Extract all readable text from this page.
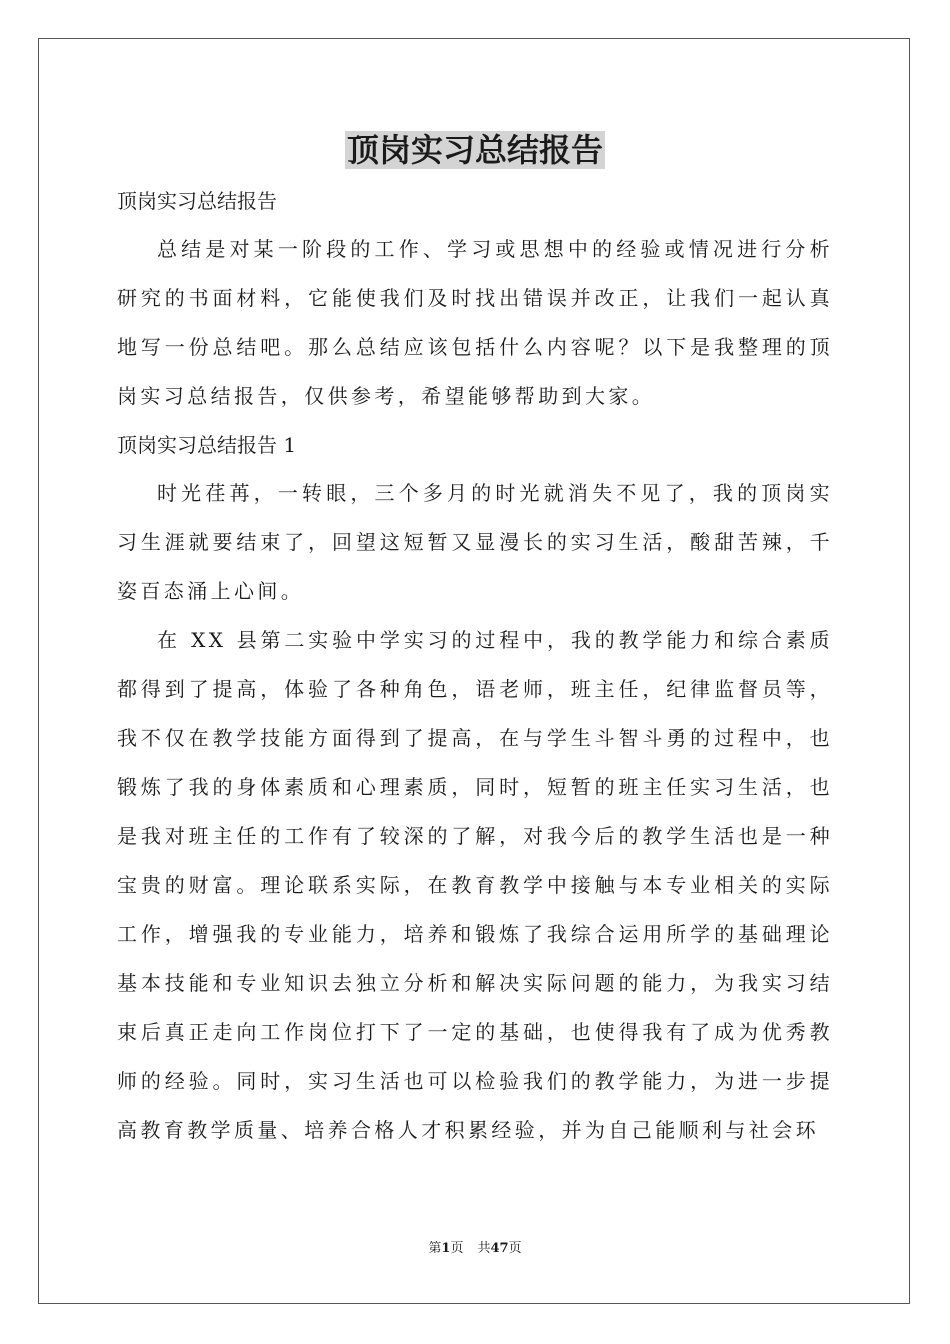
顶岗实习总结报告

顶岗实习总结报告

总结是对某一阶段的工作、学习或思想中的经验或情况进行分析研究的书面材料，它能使我们及时找出错误并改正，让我们一起认真地写一份总结吧。那么总结应该包括什么内容呢？以下是我整理的顶岗实习总结报告，仅供参考，希望能够帮助到大家。

顶岗实习总结报告 1

时光荏苒，一转眼，三个多月的时光就消失不见了，我的顶岗实习生涯就要结束了，回望这短暂又显漫长的实习生活，酸甜苦辣，千姿百态涌上心间。

在 XX 县第二实验中学实习的过程中，我的教学能力和综合素质都得到了提高，体验了各种角色，语老师，班主任，纪律监督员等，我不仅在教学技能方面得到了提高，在与学生斗智斗勇的过程中，也锻炼了我的身体素质和心理素质，同时，短暂的班主任实习生活，也是我对班主任的工作有了较深的了解，对我今后的教学生活也是一种宝贵的财富。理论联系实际，在教育教学中接触与本专业相关的实际工作，增强我的专业能力，培养和锻炼了我综合运用所学的基础理论基本技能和专业知识去独立分析和解决实际问题的能力，为我实习结束后真正走向工作岗位打下了一定的基础，也使得我有了成为优秀教师的经验。同时，实习生活也可以检验我们的教学能力，为进一步提高教育教学质量、培养合格人才积累经验，并为自己能顺利与社会环

第1页 共47页
